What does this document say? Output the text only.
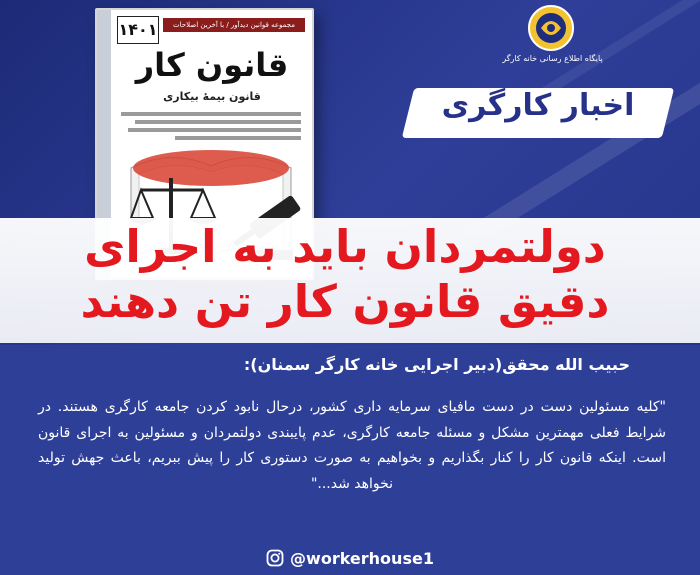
۱۴۰۱	مجموعه قوانین دیدآور / با آخرین اصلاحات
قانون کار
قانون بیمهٔ بیکاری
پایگاه اطلاع رسانی خانه کارگر
اخبار کارگری
دولتمردان باید به اجرای
دقیق قانون کار تن دهند
حبیب الله محقق(دبیر اجرایی خانه کارگر سمنان):
"کلیه مسئولین دست در دست مافیای سرمایه داری کشور، درحال نابود کردن جامعه کارگری هستند. در شرایط فعلی مهمترین مشکل و مسئله جامعه کارگری، عدم پایبندی دولتمردان و مسئولین به اجرای قانون است. اینکه قانون کار را کنار بگذاریم و بخواهیم به صورت دستوری کار را پیش ببریم، باعث جهش تولید نخواهد شد..."
@workerhouse1
